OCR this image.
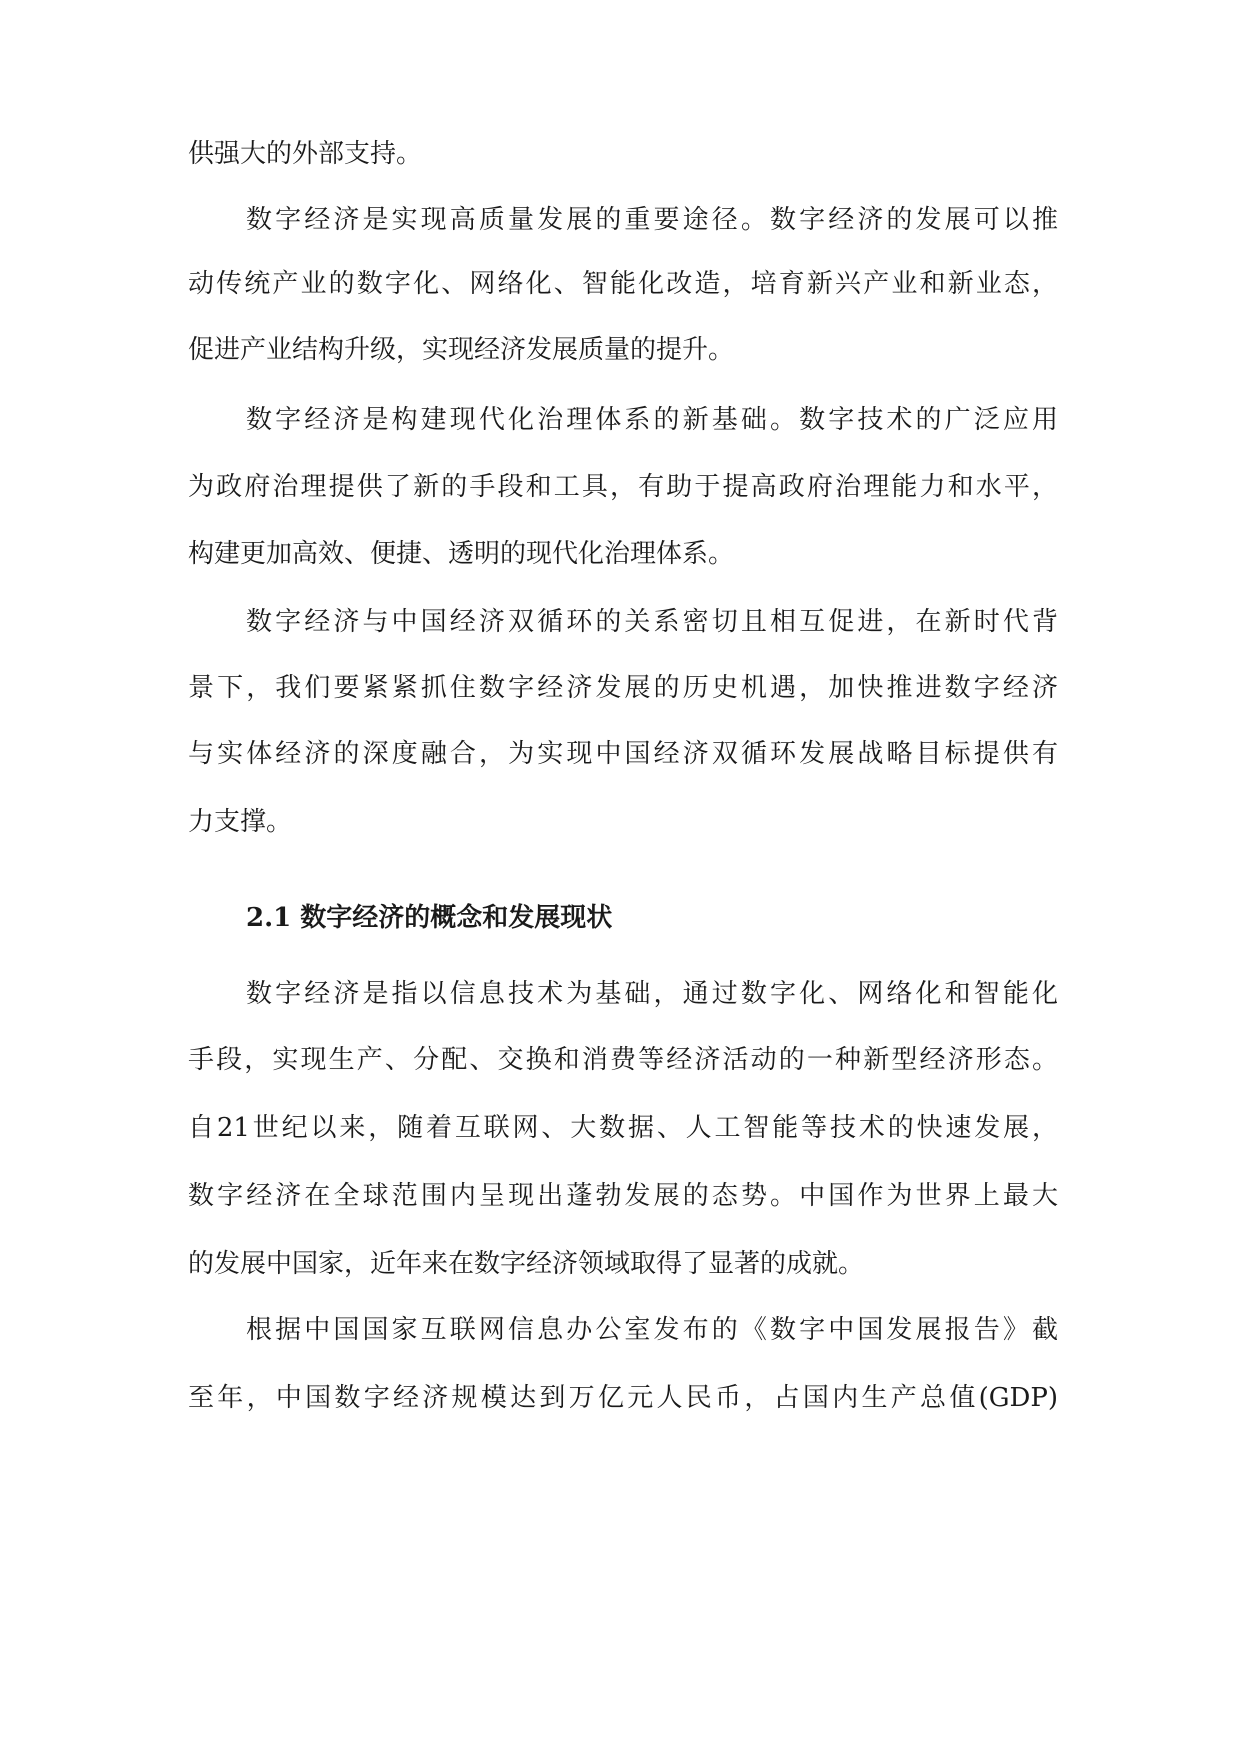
供强大的外部支持。
数字经济是实现高质量发展的重要途径。数字经济的发展可以推
动传统产业的数字化、网络化、智能化改造，培育新兴产业和新业态，
促进产业结构升级，实现经济发展质量的提升。
数字经济是构建现代化治理体系的新基础。数字技术的广泛应用
为政府治理提供了新的手段和工具，有助于提高政府治理能力和水平，
构建更加高效、便捷、透明的现代化治理体系。
数字经济与中国经济双循环的关系密切且相互促进，在新时代背
景下，我们要紧紧抓住数字经济发展的历史机遇，加快推进数字经济
与实体经济的深度融合，为实现中国经济双循环发展战略目标提供有
力支撑。
2.1 数字经济的概念和发展现状
数字经济是指以信息技术为基础，通过数字化、网络化和智能化
手段，实现生产、分配、交换和消费等经济活动的一种新型经济形态。
自21世纪以来，随着互联网、大数据、人工智能等技术的快速发展，
数字经济在全球范围内呈现出蓬勃发展的态势。中国作为世界上最大
的发展中国家，近年来在数字经济领域取得了显著的成就。
根据中国国家互联网信息办公室发布的《数字中国发展报告》截
至年，中国数字经济规模达到万亿元人民币，占国内生产总值(GDP)
